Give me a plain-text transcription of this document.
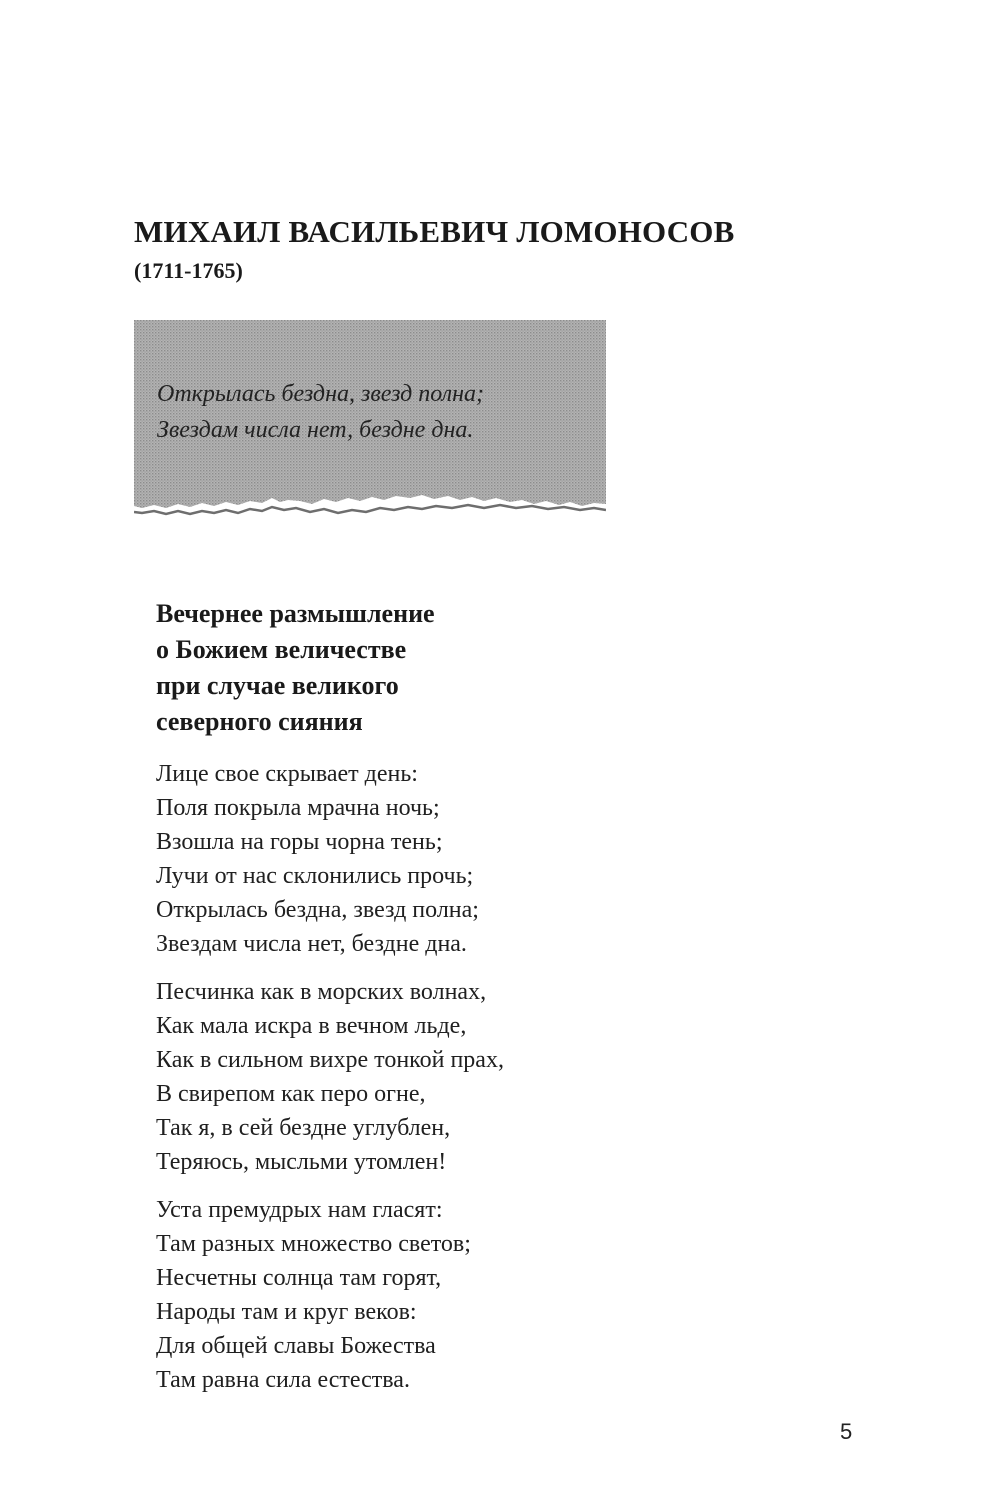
МИХАИЛ ВАСИЛЬЕВИЧ ЛОМОНОСОВ
(1711-1765)
Открылась бездна, звезд полна;
Звездам числа нет, бездне дна.
Вечернее размышление
о Божием величестве
при случае великого
северного сияния
Лице свое скрывает день:
Поля покрыла мрачна ночь;
Взошла на горы чорна тень;
Лучи от нас склонились прочь;
Открылась бездна, звезд полна;
Звездам числа нет, бездне дна.
Песчинка как в морских волнах,
Как мала искра в вечном льде,
Как в сильном вихре тонкой прах,
В свирепом как перо огне,
Так я, в сей бездне углублен,
Теряюсь, мысльми утомлен!
Уста премудрых нам гласят:
Там разных множество светов;
Несчетны солнца там горят,
Народы там и круг веков:
Для общей славы Божества
Там равна сила естества.
5
